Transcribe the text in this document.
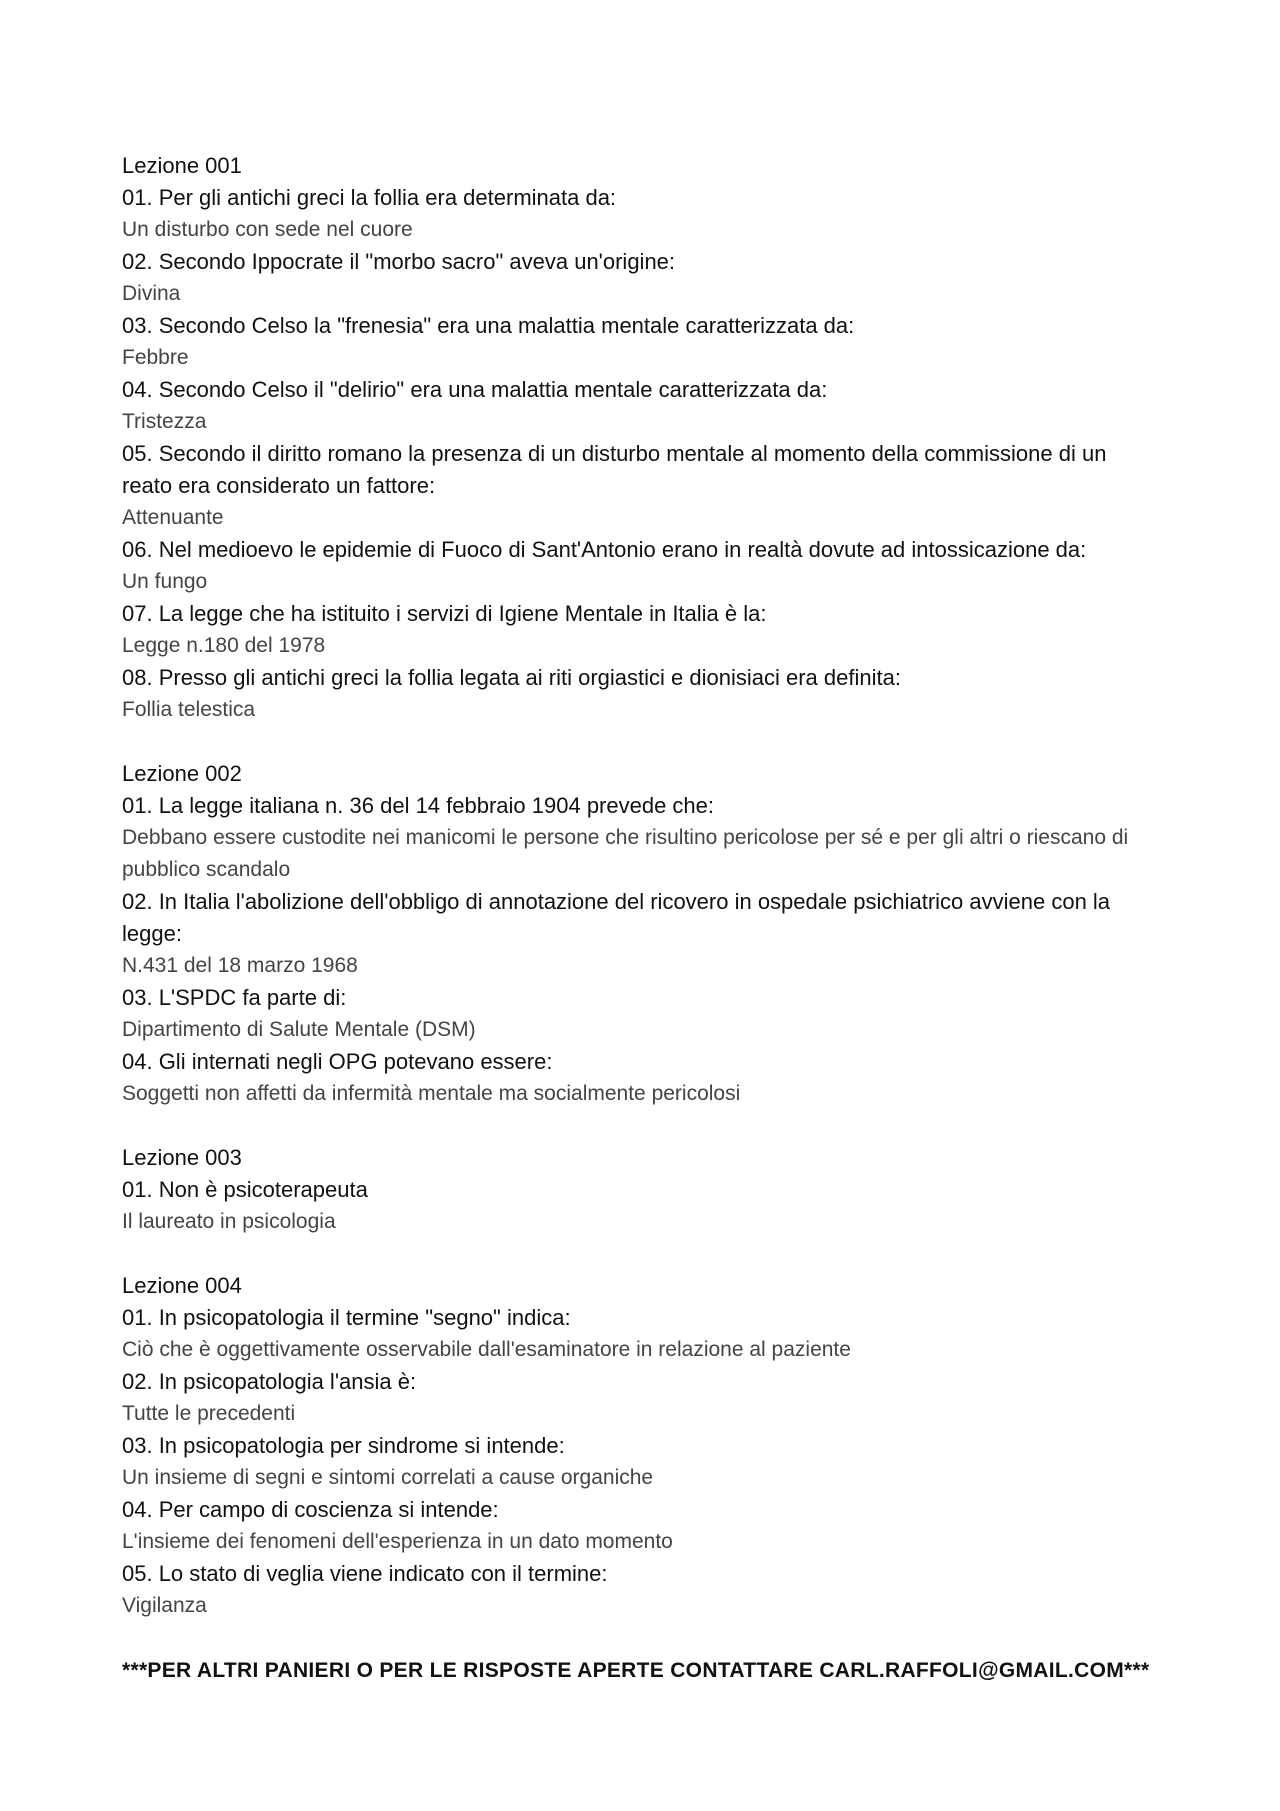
Lezione 001
01. Per gli antichi greci la follia era determinata da:
Un disturbo con sede nel cuore
02. Secondo Ippocrate il "morbo sacro" aveva un'origine:
Divina
03. Secondo Celso la "frenesia" era una malattia mentale caratterizzata da:
Febbre
04. Secondo Celso il "delirio" era una malattia mentale caratterizzata da:
Tristezza
05. Secondo il diritto romano la presenza di un disturbo mentale al momento della commissione di un reato era considerato un fattore:
Attenuante
06. Nel medioevo le epidemie di Fuoco di Sant'Antonio erano in realtà dovute ad intossicazione da:
Un fungo
07. La legge che ha istituito i servizi di Igiene Mentale in Italia è la:
Legge n.180 del 1978
08. Presso gli antichi greci la follia legata ai riti orgiastici e dionisiaci era definita:
Follia telestica
Lezione 002
01. La legge italiana n. 36 del 14 febbraio 1904 prevede che:
Debbano essere custodite nei manicomi le persone che risultino pericolose per sé e per gli altri o riescano di pubblico scandalo
02. In Italia l'abolizione dell'obbligo di annotazione del ricovero in ospedale psichiatrico avviene con la legge:
N.431 del 18 marzo 1968
03. L'SPDC fa parte di:
Dipartimento di Salute Mentale (DSM)
04. Gli internati negli OPG potevano essere:
Soggetti non affetti da infermità mentale ma socialmente pericolosi
Lezione 003
01. Non è psicoterapeuta
Il laureato in psicologia
Lezione 004
01. In psicopatologia il termine "segno" indica:
Ciò che è oggettivamente osservabile dall'esaminatore in relazione al paziente
02. In psicopatologia l'ansia è:
Tutte le precedenti
03. In psicopatologia per sindrome si intende:
Un insieme di segni e sintomi correlati a cause organiche
04. Per campo di coscienza si intende:
L'insieme dei fenomeni dell'esperienza in un dato momento
05. Lo stato di veglia viene indicato con il termine:
Vigilanza
***PER ALTRI PANIERI O PER LE RISPOSTE APERTE CONTATTARE CARL.RAFFOLI@GMAIL.COM***
